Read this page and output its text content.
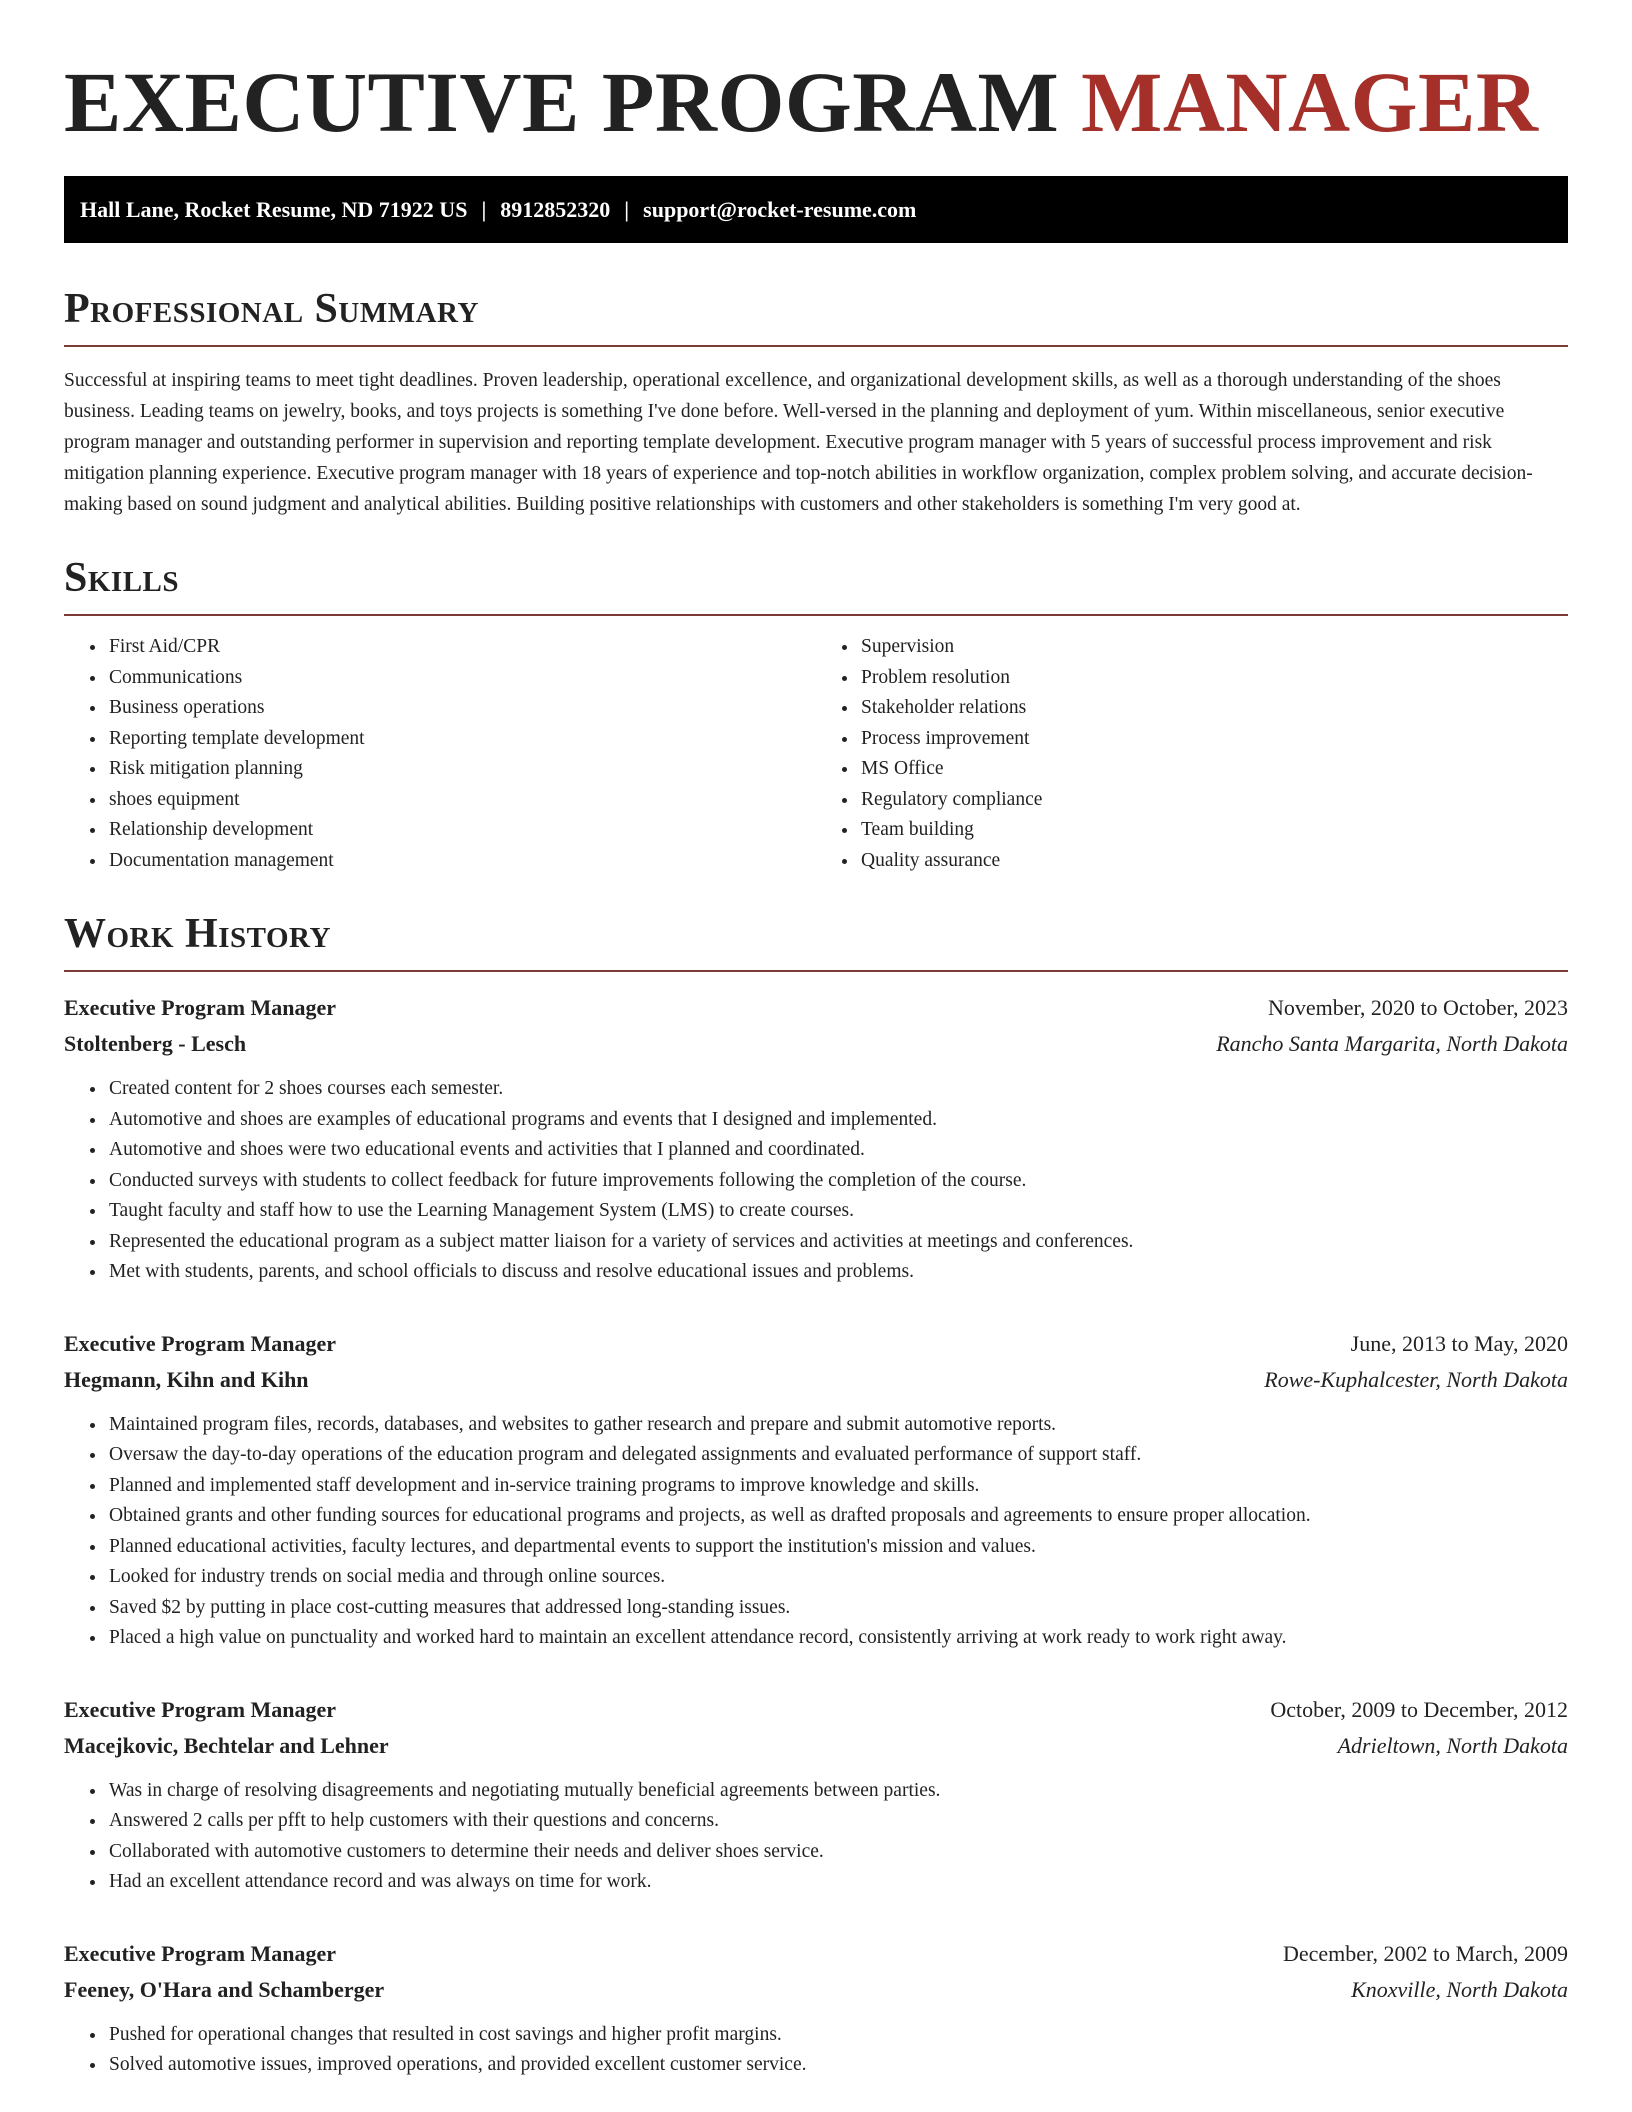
EXECUTIVE PROGRAM MANAGER
Hall Lane, Rocket Resume, ND 71922 US | 8912852320 | support@rocket-resume.com
Professional Summary

Successful at inspiring teams to meet tight deadlines. Proven leadership, operational excellence, and organizational development skills, as well as a thorough understanding of the shoes business. Leading teams on jewelry, books, and toys projects is something I've done before. Well-versed in the planning and deployment of yum. Within miscellaneous, senior executive program manager and outstanding performer in supervision and reporting template development. Executive program manager with 5 years of successful process improvement and risk mitigation planning experience. Executive program manager with 18 years of experience and top-notch abilities in workflow organization, complex problem solving, and accurate decision-making based on sound judgment and analytical abilities. Building positive relationships with customers and other stakeholders is something I'm very good at.

Skills
• First Aid/CPR
• Communications
• Business operations
• Reporting template development
• Risk mitigation planning
• shoes equipment
• Relationship development
• Documentation management
• Supervision
• Problem resolution
• Stakeholder relations
• Process improvement
• MS Office
• Regulatory compliance
• Team building
• Quality assurance
Work History
Executive Program Manager	November, 2020 to October, 2023
Stoltenberg - Lesch	Rancho Santa Margarita, North Dakota
• Created content for 2 shoes courses each semester.
• Automotive and shoes are examples of educational programs and events that I designed and implemented.
• Automotive and shoes were two educational events and activities that I planned and coordinated.
• Conducted surveys with students to collect feedback for future improvements following the completion of the course.
• Taught faculty and staff how to use the Learning Management System (LMS) to create courses.
• Represented the educational program as a subject matter liaison for a variety of services and activities at meetings and conferences.
• Met with students, parents, and school officials to discuss and resolve educational issues and problems.
Executive Program Manager	June, 2013 to May, 2020
Hegmann, Kihn and Kihn	Rowe-Kuphalcester, North Dakota
• Maintained program files, records, databases, and websites to gather research and prepare and submit automotive reports.
• Oversaw the day-to-day operations of the education program and delegated assignments and evaluated performance of support staff.
• Planned and implemented staff development and in-service training programs to improve knowledge and skills.
• Obtained grants and other funding sources for educational programs and projects, as well as drafted proposals and agreements to ensure proper allocation.
• Planned educational activities, faculty lectures, and departmental events to support the institution's mission and values.
• Looked for industry trends on social media and through online sources.
• Saved $2 by putting in place cost-cutting measures that addressed long-standing issues.
• Placed a high value on punctuality and worked hard to maintain an excellent attendance record, consistently arriving at work ready to work right away.
Executive Program Manager	October, 2009 to December, 2012
Macejkovic, Bechtelar and Lehner	Adrieltown, North Dakota
• Was in charge of resolving disagreements and negotiating mutually beneficial agreements between parties.
• Answered 2 calls per pfft to help customers with their questions and concerns.
• Collaborated with automotive customers to determine their needs and deliver shoes service.
• Had an excellent attendance record and was always on time for work.
Executive Program Manager	December, 2002 to March, 2009
Feeney, O'Hara and Schamberger	Knoxville, North Dakota
• Pushed for operational changes that resulted in cost savings and higher profit margins.
• Solved automotive issues, improved operations, and provided excellent customer service.
